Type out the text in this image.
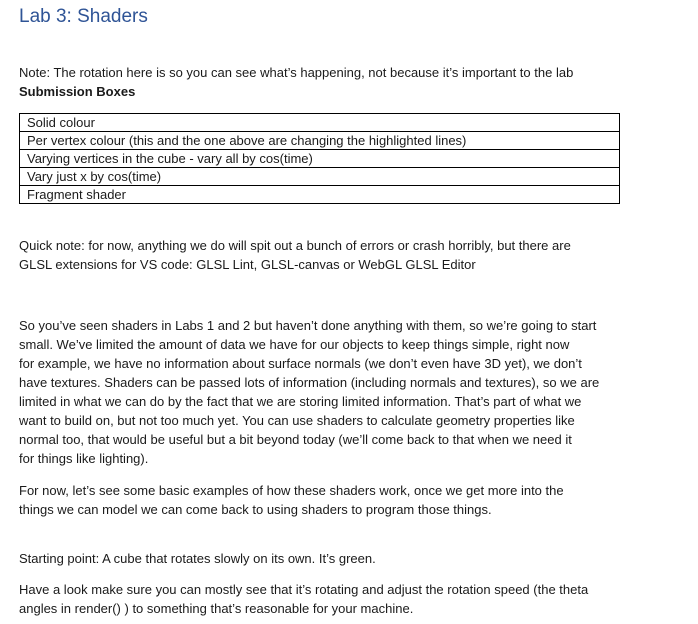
Lab 3: Shaders
Note: The rotation here is so you can see what’s happening, not because it’s important to the lab
Submission Boxes
Solid colour
Per vertex colour (this and the one above are changing the highlighted lines)
Varying vertices in the cube - vary all by cos(time)
Vary just x by cos(time)
Fragment shader
Quick note: for now, anything we do will spit out a bunch of errors or crash horribly, but there are
GLSL extensions for VS code: GLSL Lint, GLSL-canvas or WebGL GLSL Editor
So you’ve seen shaders in Labs 1 and 2 but haven’t done anything with them, so we’re going to start
small. We’ve limited the amount of data we have for our objects to keep things simple, right now
for example, we have no information about surface normals (we don’t even have 3D yet), we don’t
have textures. Shaders can be passed lots of information (including normals and textures), so we are
limited in what we can do by the fact that we are storing limited information. That’s part of what we
want to build on, but not too much yet. You can use shaders to calculate geometry properties like
normal too, that would be useful but a bit beyond today (we’ll come back to that when we need it
for things like lighting).
For now, let’s see some basic examples of how these shaders work, once we get more into the
things we can model we can come back to using shaders to program those things.
Starting point: A cube that rotates slowly on its own. It’s green.
Have a look make sure you can mostly see that it’s rotating and adjust the rotation speed (the theta
angles in render() ) to something that’s reasonable for your machine.
